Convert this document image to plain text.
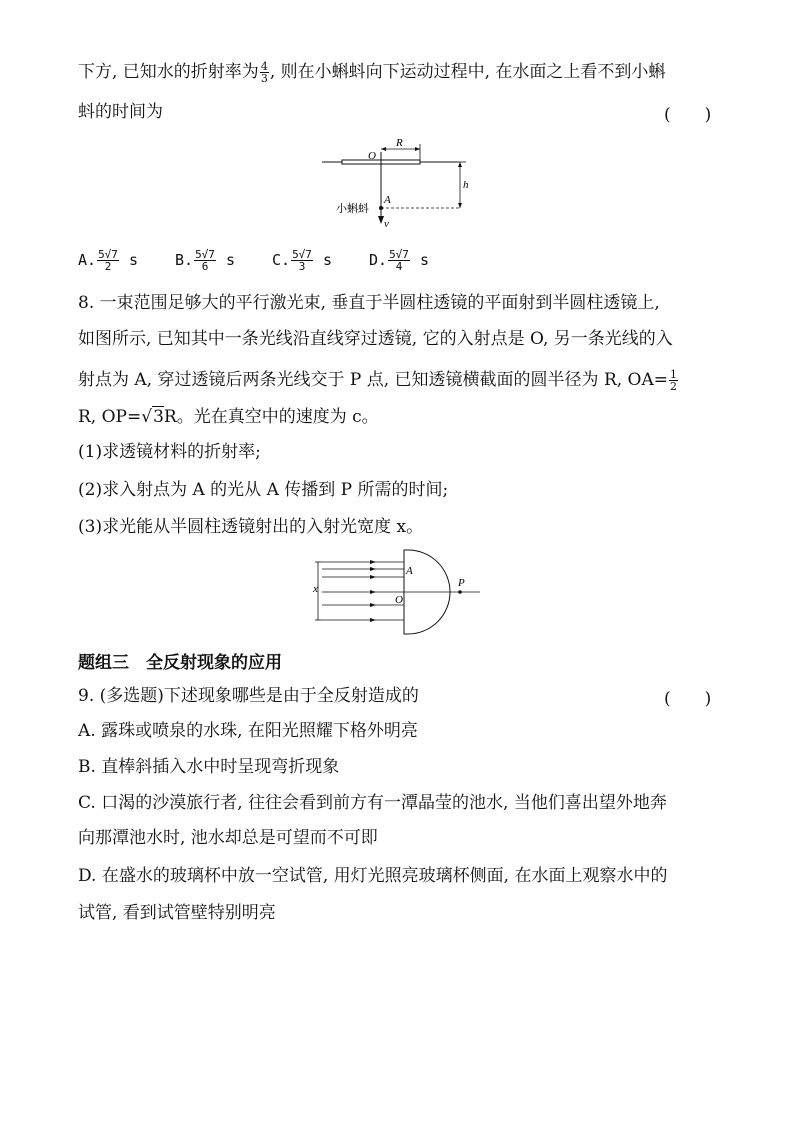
下方, 已知水的折射率为 $\frac{4}{3}$ , 则在小蝌蚪向下运动过程中, 在水面之上看不到小蝌
蚪的时间为	(　　)
R
O
h
A
v
小蝌蚪
A. $\frac{5√7}{2}$ s B. $\frac{5√7}{6}$ s C. $\frac{5√7}{3}$ s D. $\frac{5√7}{4}$ s
8. 一束范围足够大的平行激光束, 垂直于半圆柱透镜的平面射到半圆柱透镜上,
如图所示, 已知其中一条光线沿直线穿过透镜, 它的入射点是 O, 另一条光线的入
射点为 A, 穿过透镜后两条光线交于 P 点, 已知透镜横截面的圆半径为 R, $OA= \frac{1}{2}$
R, OP=√3R。光在真空中的速度为 c。
(1)求透镜材料的折射率;
(2)求入射点为 A 的光从 A 传播到 P 所需的时间;
(3)求光能从半圆柱透镜射出的入射光宽度 x。
x
A
O
P
题组三　全反射现象的应用
9. (多选题)下述现象哪些是由于全反射造成的	(　　)
A. 露珠或喷泉的水珠, 在阳光照耀下格外明亮
B. 直棒斜插入水中时呈现弯折现象
C. 口渴的沙漠旅行者, 往往会看到前方有一潭晶莹的池水, 当他们喜出望外地奔
向那潭池水时, 池水却总是可望而不可即
D. 在盛水的玻璃杯中放一空试管, 用灯光照亮玻璃杯侧面, 在水面上观察水中的
试管, 看到试管壁特别明亮
